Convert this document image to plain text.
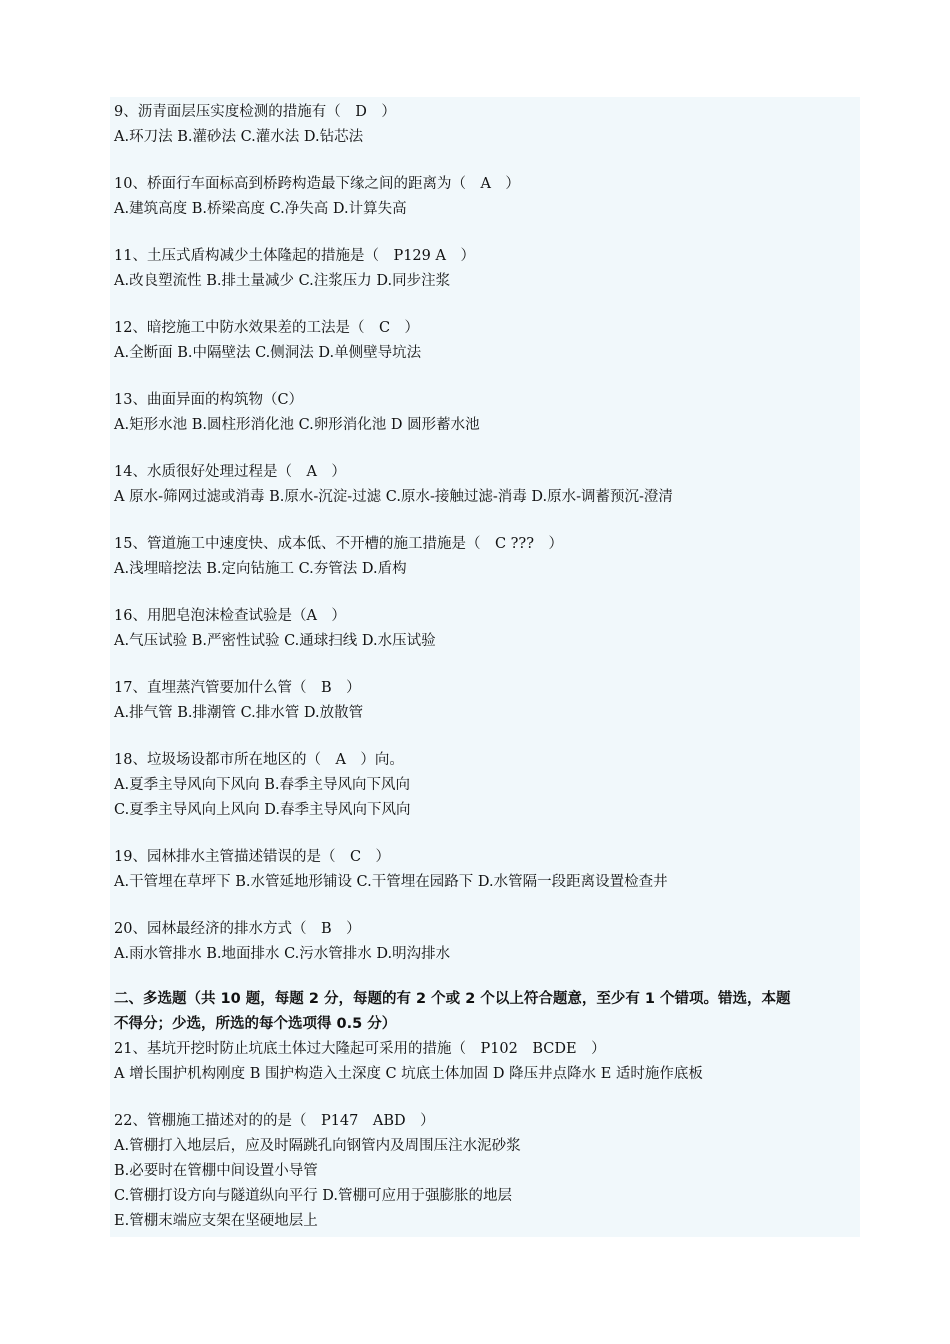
9、沥青面层压实度检测的措施有（　D　）
A.环刀法 B.灌砂法 C.灌水法 D.钻芯法
10、桥面行车面标高到桥跨构造最下缘之间的距离为（　A　）
A.建筑高度 B.桥梁高度 C.净失高 D.计算失高
11、土压式盾构减少土体隆起的措施是（　P129 A　）
A.改良塑流性 B.排土量减少 C.注浆压力 D.同步注浆
12、暗挖施工中防水效果差的工法是（　C　）
A.全断面 B.中隔壁法 C.侧洞法 D.单侧壁导坑法
13、曲面异面的构筑物（C）
A.矩形水池 B.圆柱形消化池 C.卵形消化池 D 圆形蓄水池
14、水质很好处理过程是（　A　）
A 原水-筛网过滤或消毒 B.原水-沉淀-过滤 C.原水-接触过滤-消毒 D.原水-调蓄预沉-澄清
15、管道施工中速度快、成本低、不开槽的施工措施是（　C ???　）
A.浅埋暗挖法 B.定向钻施工 C.夯管法 D.盾构
16、用肥皂泡沫检查试验是（A　）
A.气压试验 B.严密性试验 C.通球扫线 D.水压试验
17、直埋蒸汽管要加什么管（　B　）
A.排气管 B.排潮管 C.排水管 D.放散管
18、垃圾场设都市所在地区的（　A　）向。
A.夏季主导风向下风向 B.春季主导风向下风向
C.夏季主导风向上风向 D.春季主导风向下风向
19、园林排水主管描述错误的是（　C　）
A.干管埋在草坪下 B.水管延地形铺设 C.干管埋在园路下 D.水管隔一段距离设置检查井
20、园林最经济的排水方式（　B　）
A.雨水管排水 B.地面排水 C.污水管排水 D.明沟排水
二、多选题（共 10 题，每题 2 分，每题的有 2 个或 2 个以上符合题意，至少有 1 个错项。错选，本题
不得分；少选，所选的每个选项得 0.5 分）
21、基坑开挖时防止坑底土体过大隆起可采用的措施（　P102　BCDE　）
A 增长围护机构刚度 B 围护构造入土深度 C 坑底土体加固 D 降压井点降水 E 适时施作底板
22、管棚施工描述对的的是（　P147　ABD　）
A.管棚打入地层后，应及时隔跳孔向钢管内及周围压注水泥砂浆
B.必要时在管棚中间设置小导管
C.管棚打设方向与隧道纵向平行 D.管棚可应用于强膨胀的地层
E.管棚末端应支架在坚硬地层上
